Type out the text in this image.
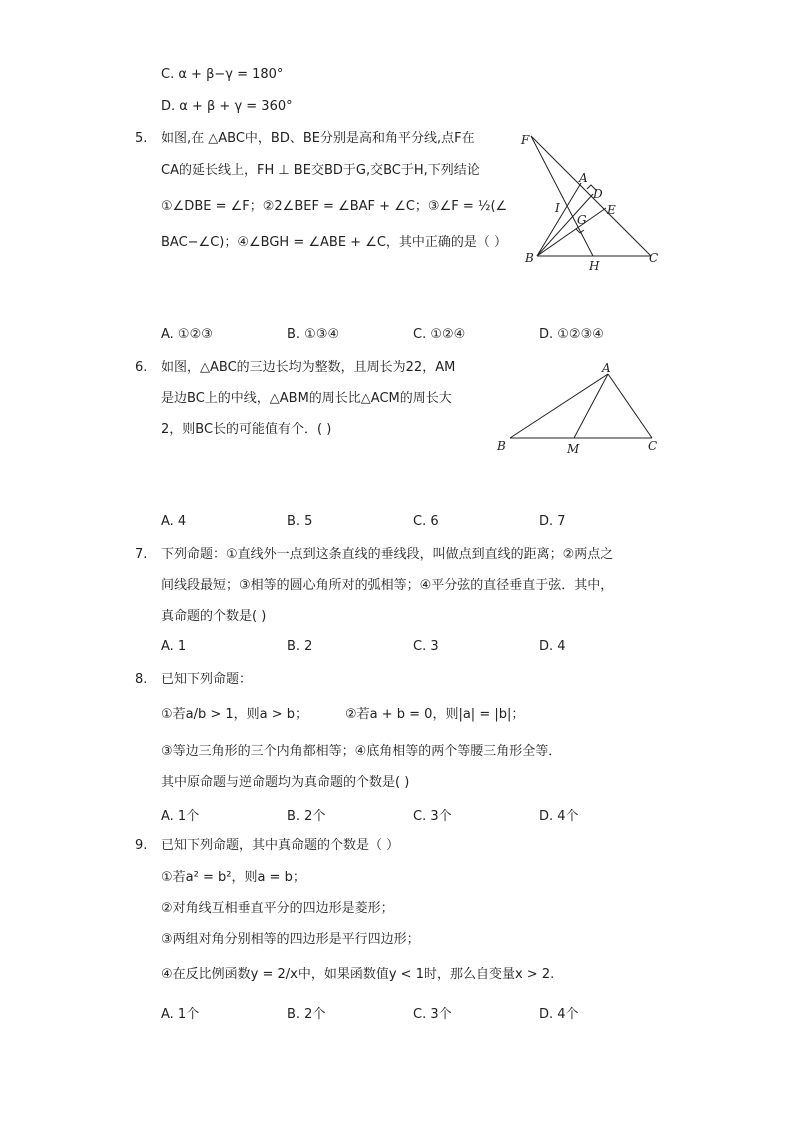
C. α + β−γ = 180°
D. α + β + γ = 360°
5.	如图,在 △ABC中，BD、BE分别是高和角平分线,点F在
CA的延长线上，FH ⊥ BE交BD于G,交BC于H,下列结论
①∠DBE = ∠F；②2∠BEF = ∠BAF + ∠C；③∠F = ½(∠
BAC−∠C)；④∠BGH = ∠ABE + ∠C，其中正确的是（ ）
F
A
D
I
G
E
B
H
C
A. ①②③	B. ①③④	C. ①②④	D. ①②③④
6.	如图，△ABC的三边长均为整数，且周长为22，AM
是边BC上的中线，△ABM的周长比△ACM的周长大
2，则BC长的可能值有个．( )
A
B	M	C
A. 4	B. 5	C. 6	D. 7
7.	下列命题：①直线外一点到这条直线的垂线段，叫做点到直线的距离；②两点之
间线段最短；③相等的圆心角所对的弧相等；④平分弦的直径垂直于弦．其中，
真命题的个数是( )
A. 1	B. 2	C. 3	D. 4
8.	已知下列命题：
①若a/b > 1，则a > b；	②若a + b = 0，则|a| = |b|；
③等边三角形的三个内角都相等；④底角相等的两个等腰三角形全等．
其中原命题与逆命题均为真命题的个数是( )
A. 1个	B. 2个	C. 3个	D. 4个
9.	已知下列命题，其中真命题的个数是（ ）
①若a² = b²，则a = b；
②对角线互相垂直平分的四边形是菱形；
③两组对角分别相等的四边形是平行四边形；
④在反比例函数y = 2/x中，如果函数值y < 1时，那么自变量x > 2.
A. 1个	B. 2个	C. 3个	D. 4个
